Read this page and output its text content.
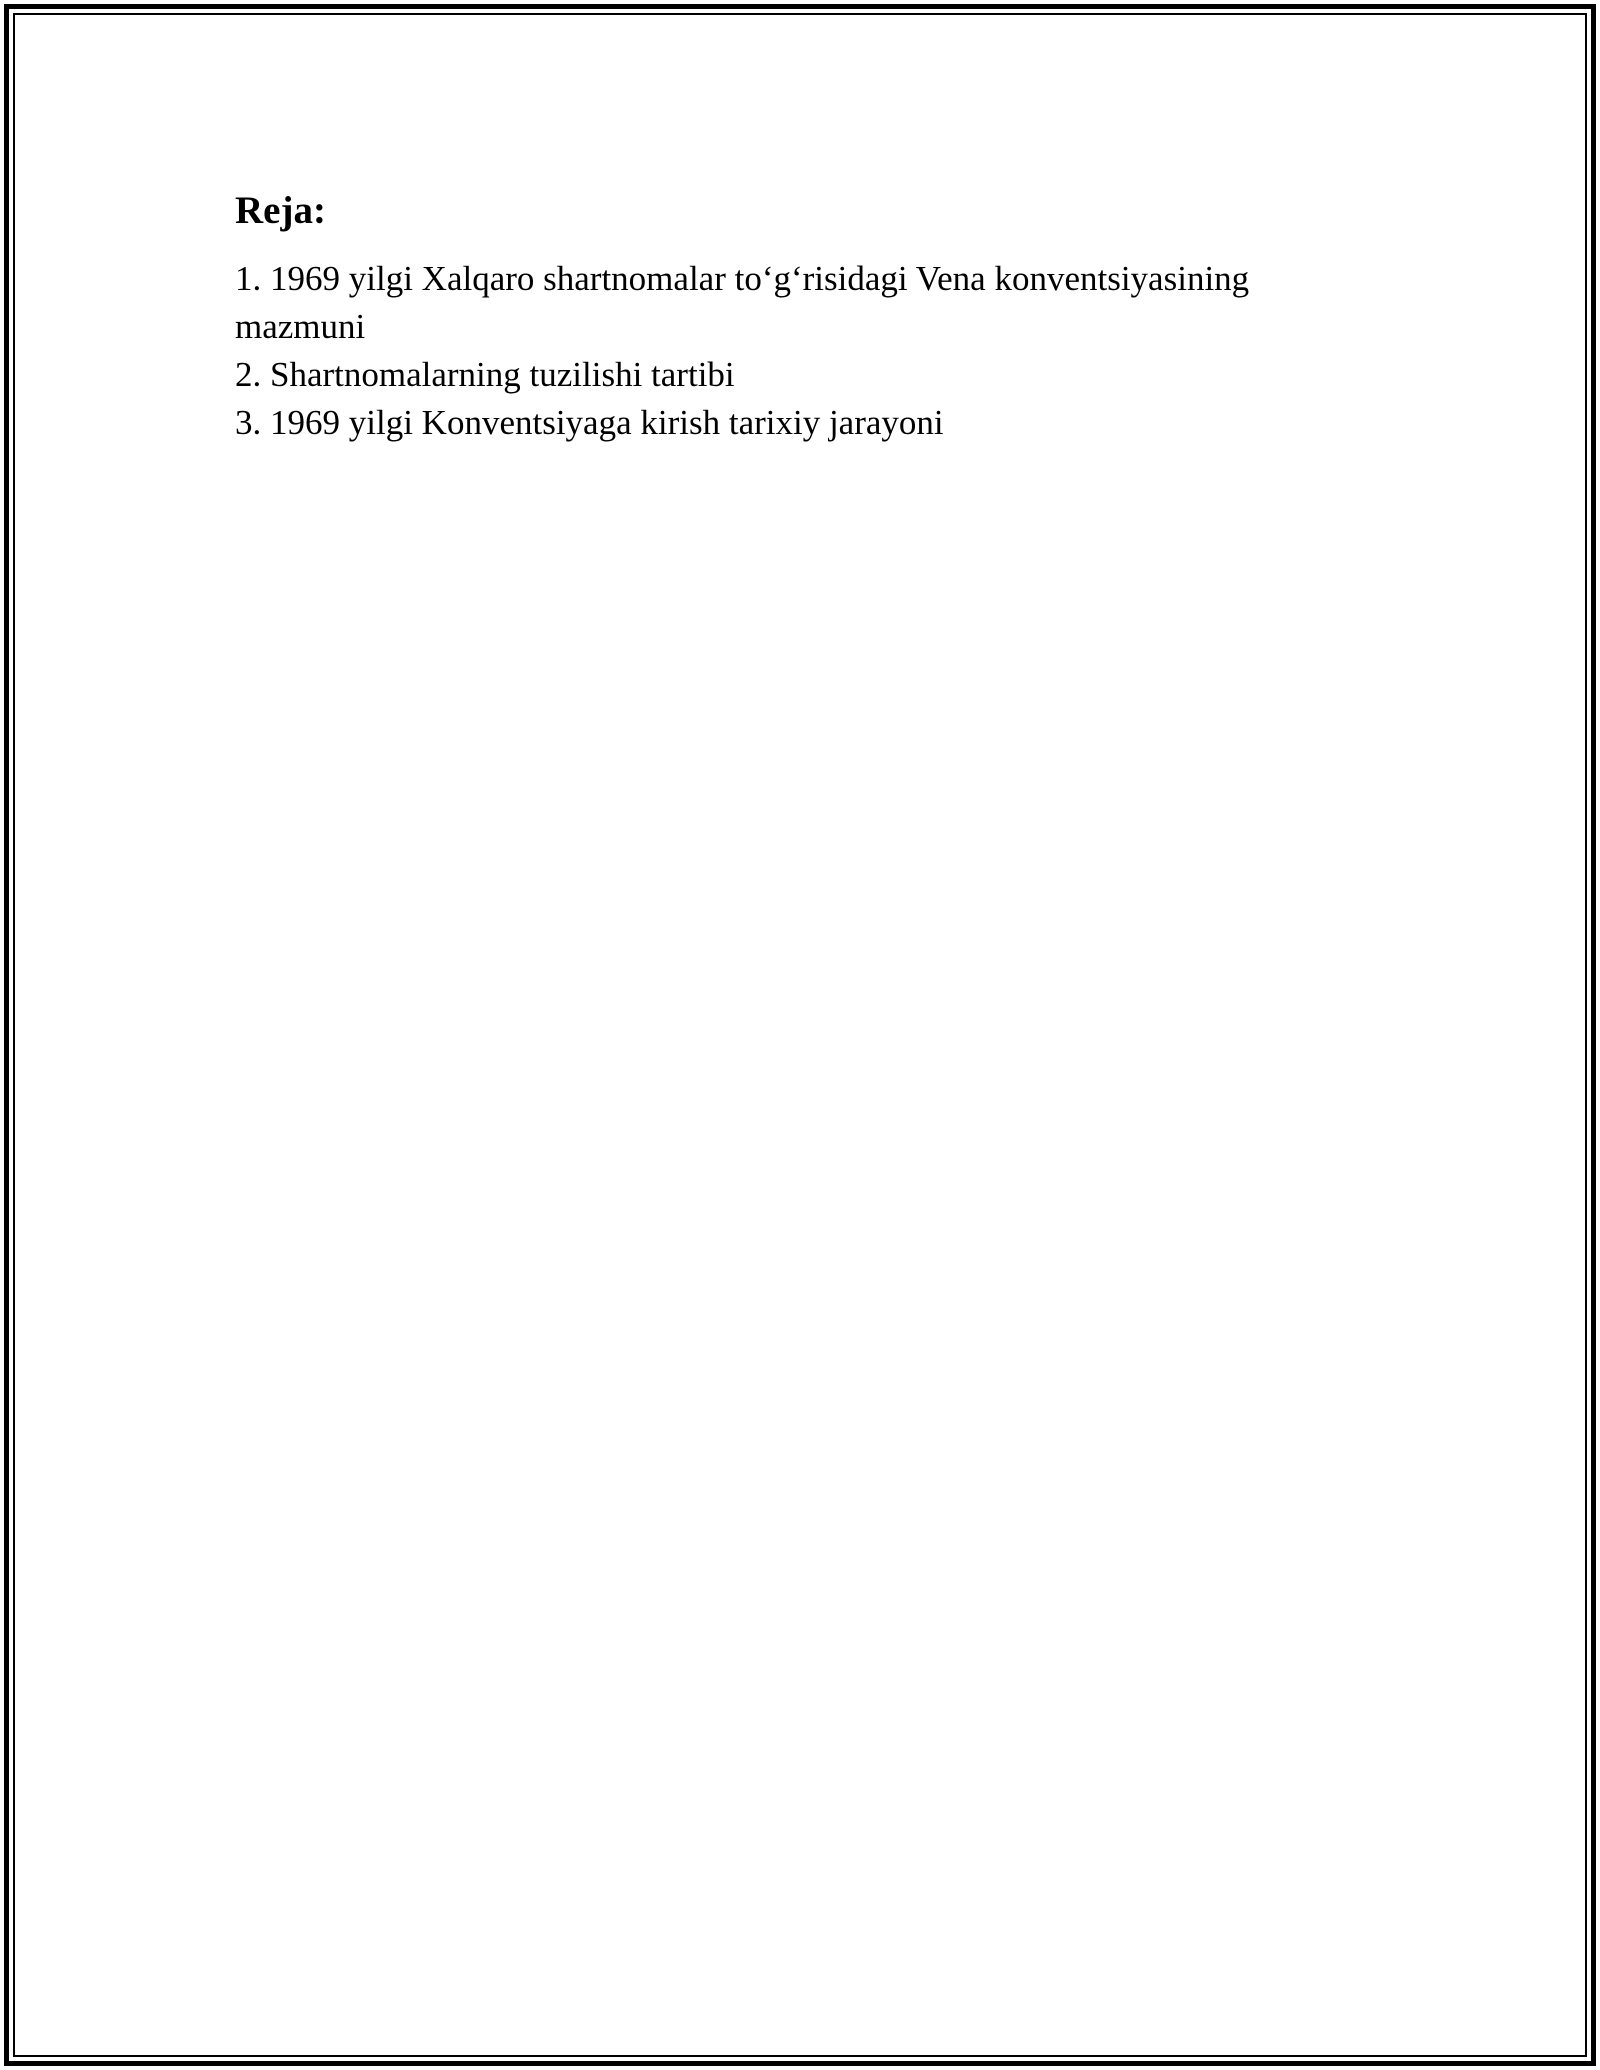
Reja:
1. 1969 yilgi Xalqaro shartnomalar to‘g‘risidagi Vena konventsiyasining mazmuni
2. Shartnomalarning tuzilishi tartibi
3. 1969 yilgi Konventsiyaga kirish tarixiy jarayoni
